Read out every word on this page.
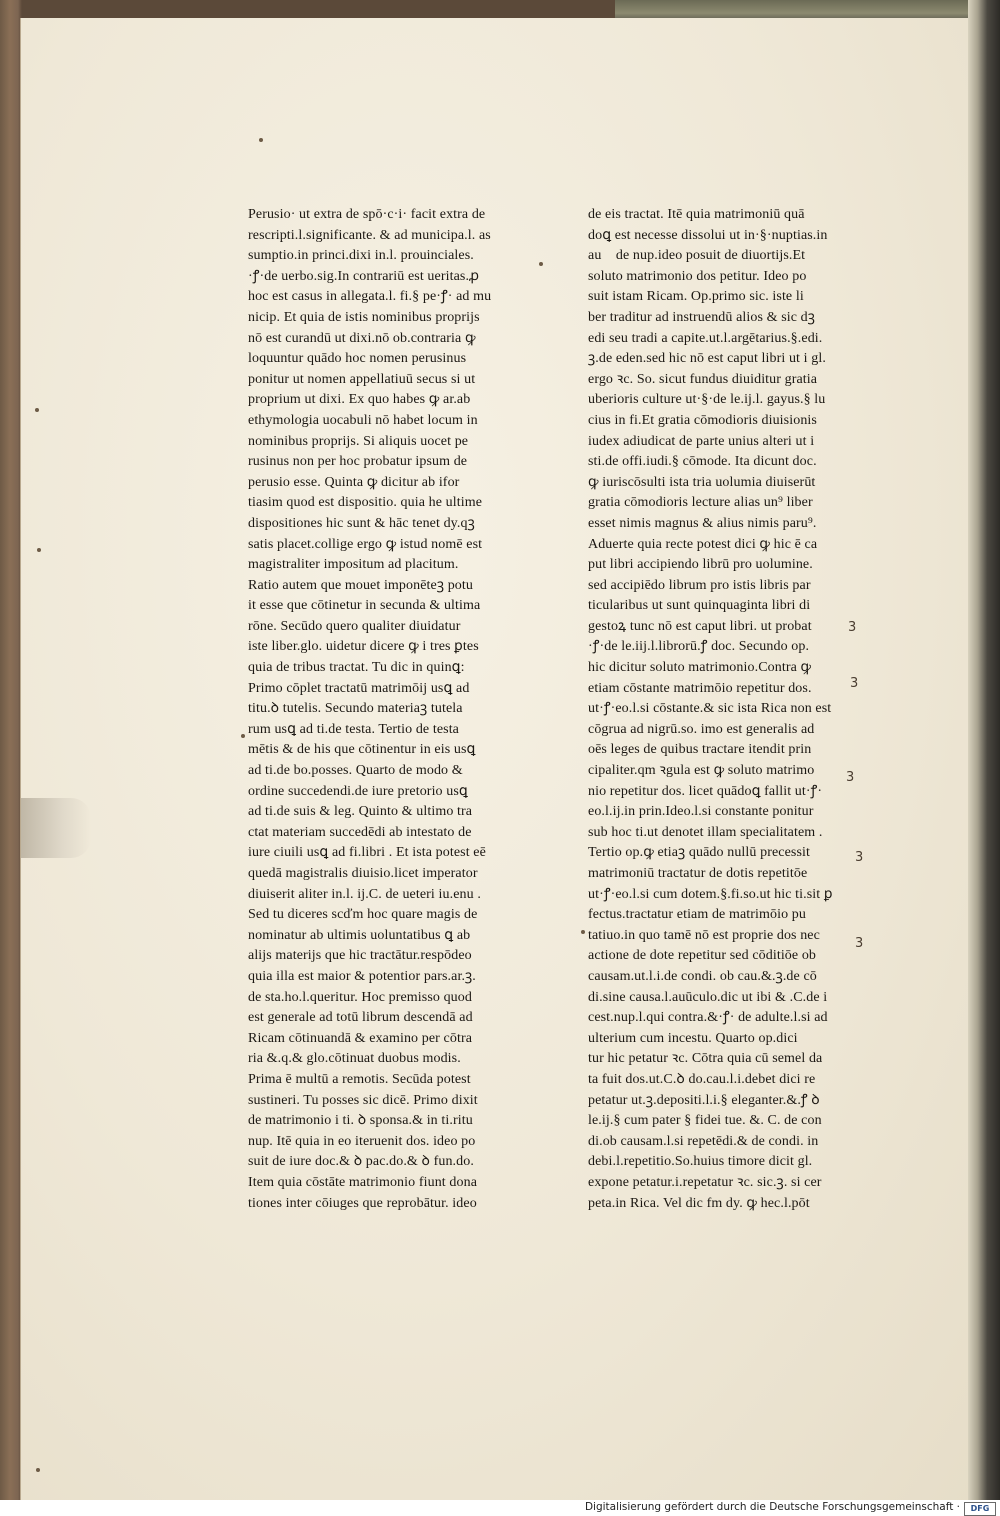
Perusio· ut extra de spō·c·i· facit extra de
rescripti.l.significante. & ad municipa.l. as
sumptio.in princi.dixi in.l. prouinciales.
·ꝭ·de uerbo.sig.In contrariū est ueritas.ꝓ
hoc est casus in allegata.l. fi.§ pe·ꝭ· ad mu
nicip. Et quia de istis nominibus proprijs
nō est curandū ut dixi.nō ob.contraria ꝙ
loquuntur quādo hoc nomen perusinus
ponitur ut nomen appellatiuū secus si ut
proprium ut dixi. Ex quo habes ꝙ ar.ab
ethymologia uocabuli nō habet locum in
nominibus proprijs. Si aliquis uocet pe
rusinus non per hoc probatur ipsum de
perusio esse. Quinta ꝙ dicitur ab ifor
tiasim quod est dispositio. quia he ultime
dispositiones hic sunt & hāc tenet dy.qꝫ
satis placet.collige ergo ꝙ istud nomē est
magistraliter impositum ad placitum.
Ratio autem que mouet imponēteꝫ potu
it esse que cōtinetur in secunda & ultima
rōne. Secūdo quero qualiter diuidatur
iste liber.glo. uidetur dicere ꝙ i tres ꝑtes
quia de tribus tractat. Tu dic in quinꝗ:
Primo cōplet tractatū matrimōij usꝗ ad
titu.ꝺ tutelis. Secundo materiaꝫ tutela
rum usꝗ ad ti.de testa. Tertio de testa
mētis & de his que cōtinentur in eis usꝗ
ad ti.de bo.posses. Quarto de modo &
ordine succedendi.de iure pretorio usꝗ
ad ti.de suis & leg. Quinto & ultimo tra
ctat materiam succedēdi ab intestato de
iure ciuili usꝗ ad fi.libri . Et ista potest eē
quedā magistralis diuisio.licet imperator
diuiserit aliter in.l. ij.C. de ueteri iu.enu .
Sed tu diceres scďm hoc quare magis de
nominatur ab ultimis uoluntatibus ꝗ ab
alijs materijs que hic tractātur.respōdeo
quia illa est maior & potentior pars.ar.ꝫ.
de sta.ho.l.queritur. Hoc premisso quod
est generale ad totū librum descendā ad
Ricam cōtinuandā & examino per cōtra
ria &.q.& glo.cōtinuat duobus modis.
Prima ē multū a remotis. Secūda potest
sustineri. Tu posses sic dicē. Primo dixit
de matrimonio i ti. ꝺ sponsa.& in ti.ritu
nup. Itē quia in eo iteruenit dos. ideo po
suit de iure doc.& ꝺ pac.do.& ꝺ fun.do.
Item quia cōstāte matrimonio fiunt dona
tiones inter cōiuges que reprobātur. ideo
de eis tractat. Itē quia matrimoniū quā
doꝗ est necesse dissolui ut in·§·nuptias.in
auᷓ de nup.ideo posuit de diuortijs.Et ꝙ
soluto matrimonio dos petitur. Ideo po
suit istam Ricam. Op.primo sic. iste li
ber traditur ad instruendū alios & sic dꝫ
edi seu tradi a capite.ut.l.argētarius.§.edi.
ꝫ.de eden.sed hic nō est caput libri ut i gl.
ergo ꝛc. So. sicut fundus diuiditur gratia
uberioris culture ut·§·de le.ij.l. gayus.§ lu
cius in fi.Et gratia cōmodioris diuisionis
iudex adiudicat de parte unius alteri ut i
sti.de offi.iudi.§ cōmode. Ita dicunt doc.
ꝙ iuriscōsulti ista tria uolumia diuiserūt
gratia cōmodioris lecture alias un⁹ liber
esset nimis magnus & alius nimis paru⁹.
Aduerte quia recte potest dici ꝙ hic ē ca
put libri accipiendo librū pro uolumine.
sed accipiēdo librum pro istis libris par
ticularibus ut sunt quinquaginta libri di
gestoꝝ tunc nō est caput libri. ut probat
·ꝭ·de le.iij.l.librorū.ꝭ doc. Secundo op.
hic dicitur soluto matrimonio.Contra ꝙ
etiam cōstante matrimōio repetitur dos.
ut·ꝭ·eo.l.si cōstante.& sic ista Rica non est
cōgrua ad nigrū.so. imo est generalis ad
oēs leges de quibus tractare itendit prin
cipaliter.qm ꝛgula est ꝙ soluto matrimo
nio repetitur dos. licet quādoꝗ fallit ut·ꝭ·
eo.l.ij.in prin.Ideo.l.si constante ponitur
sub hoc ti.ut denotet illam specialitatem .
Tertio op.ꝙ etiaꝫ quādo nullū precessit
matrimoniū tractatur de dotis repetitōe
ut·ꝭ·eo.l.si cum dotem.§.fi.so.ut hic ti.sit ꝑ
fectus.tractatur etiam de matrimōio pu
tatiuo.in quo tamē nō est proprie dos nec
actione de dote repetitur sed cōditiōe ob
causam.ut.l.i.de condi. ob cau.&.ꝫ.de cō
di.sine causa.l.auūculo.dic ut ibi & .C.de i
cest.nup.l.qui contra.&·ꝭ· de adulte.l.si ad
ulterium cum incestu. Quarto op.dici
tur hic petatur ꝛc. Cōtra quia cū semel da
ta fuit dos.ut.C.ꝺ do.cau.l.i.debet dici re
petatur ut.ꝫ.depositi.l.i.§ eleganter.&.ꝭ ꝺ
le.ij.§ cum pater § fidei tue. &. C. de con
di.ob causam.l.si repetēdi.& de condi. in
debi.l.repetitio.So.huius timore dicit gl.
expone petatur.i.repetatur ꝛc. sic.ꝫ. si cer
peta.in Rica. Vel dic fm dy. ꝙ hec.l.pōt
3
3
3
3
3
Digitalisierung gefördert durch die Deutsche Forschungsgemeinschaft ·	DFG
